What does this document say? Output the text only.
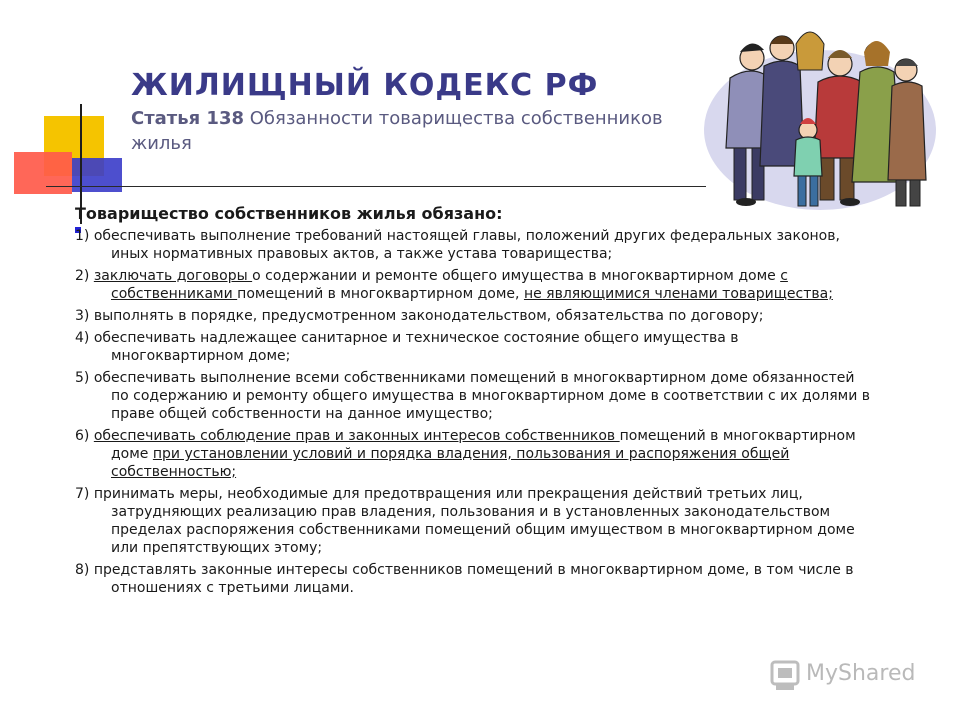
ЖИЛИЩНЫЙ КОДЕКС РФ
Статья 138 Обязанности товарищества собственников жилья
Товарищество собственников жилья обязано:
1) обеспечивать выполнение требований настоящей главы, положений других федеральных законов, иных нормативных правовых актов, а также устава товарищества;
2) заключать договоры о содержании и ремонте общего имущества в многоквартирном доме с собственниками помещений в многоквартирном доме, не являющимися членами товарищества;
3) выполнять в порядке, предусмотренном законодательством, обязательства по договору;
4) обеспечивать надлежащее санитарное и техническое состояние общего имущества в многоквартирном доме;
5) обеспечивать выполнение всеми собственниками помещений в многоквартирном доме обязанностей по содержанию и ремонту общего имущества в многоквартирном доме в соответствии с их долями в праве общей собственности на данное имущество;
6) обеспечивать соблюдение прав и законных интересов собственников помещений в многоквартирном доме при установлении условий и порядка владения, пользования и распоряжения общей собственностью;
7) принимать меры, необходимые для предотвращения или прекращения действий третьих лиц, затрудняющих реализацию прав владения, пользования и в установленных законодательством пределах распоряжения собственниками помещений общим имуществом в многоквартирном доме или препятствующих этому;
8) представлять законные интересы собственников помещений в многоквартирном доме, в том числе в отношениях с третьими лицами.
MyShared
